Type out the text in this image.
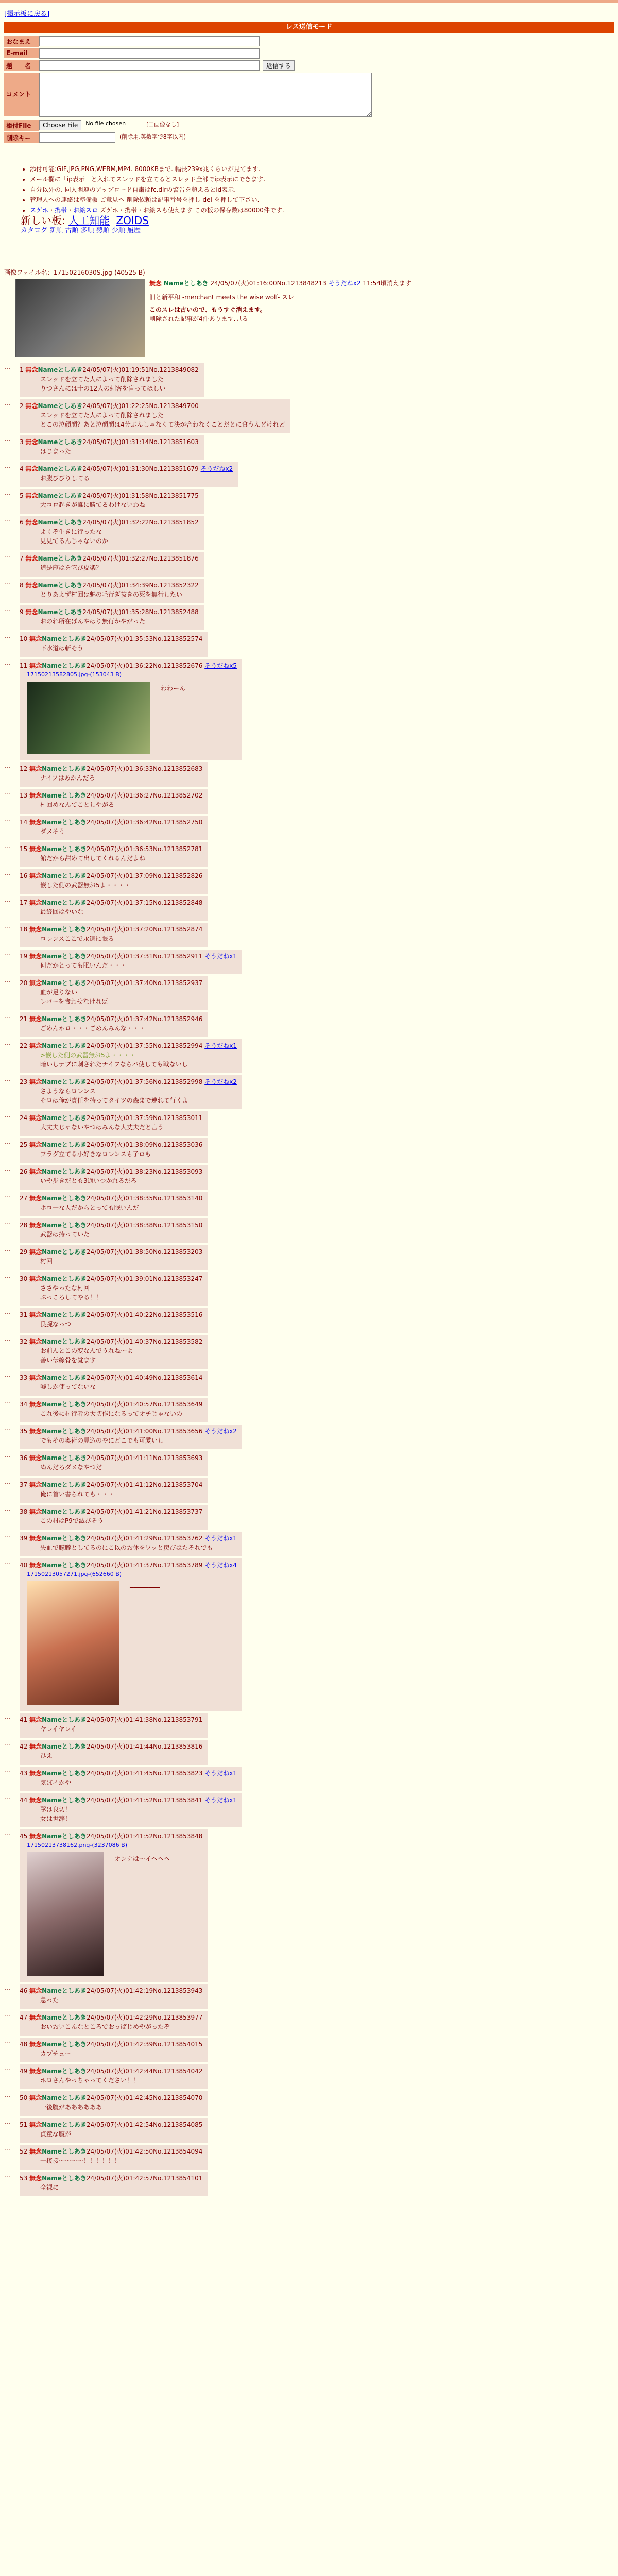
[掲示板に戻る]
レス送信モード
おなまえ
E-mail
題　　名	返信する
コメント
添付File	Choose File	No file chosen	[□画像なし]
削除キー	(削除用.英数字で8字以内)
• 添付可能:GIF,JPG,PNG,WEBM,MP4. 8000KBまで. 幅長239x兆くらいが見てます.
• メール欄に「ip表示」と入れてスレッドを立てるとスレッド全部でip表示にできます.
• 自分以外の. 同人関連のアップロード自粛はfc.dirの警告を超えるとid表示.
• 管理人への連絡は準備板 ご意見へ 削除依頼は記事番号を押し del を押して下さい.
• スゲホ・携帯・お絵スロ ズゲホ・携帯・お絵スも使えます この板の保存数は80000件です.
新しい板: 人工知能 ZOIDS
カタログ 新順 古順 多順 勢順 少順 履歴
画像ファイル名：17150216030S.jpg-(40525 B)
無念 Nameとしあき 24/05/07(火)01:16:00No.1213848213 そうだねx2 11:54頃消えます
旧と新平和 -merchant meets the wise wolf- スレ
このスレは古いので、もうすぐ消えます。
削除された記事が4件あります.見る
…	1 無念Nameとしあき24/05/07(火)01:19:51No.1213849082
スレッドを立てた人によって削除されました
りつさんには十の12人の刺客を盲ってほしい
…	2 無念Nameとしあき24/05/07(火)01:22:25No.1213849700
スレッドを立てた人によって削除されました
とこの泣顔顔？あと泣顔顔は4分ぶんしゃなくて決が合わなくことだとに食うんどけれど
…	3 無念Nameとしあき24/05/07(火)01:31:14No.1213851603
はじまった
…	4 無念Nameとしあき24/05/07(火)01:31:30No.1213851679 そうだねx2
お腹びびりしてる
…	5 無念Nameとしあき24/05/07(火)01:31:58No.1213851775
大コロ起きが誰に勝てるわけないわね
…	6 無念Nameとしあき24/05/07(火)01:32:22No.1213851852
よくぞ生きに行ったな
見見てるんじゃないのか
…	7 無念Nameとしあき24/05/07(火)01:32:27No.1213851876
道是座はを它び皮楽？
…	8 無念Nameとしあき24/05/07(火)01:34:39No.1213852322
とりあえず村回は魅の毛行ぎ抜きの死を無行したい
…	9 無念Nameとしあき24/05/07(火)01:35:28No.1213852488
おのれ所在ばんやはり無行かやがった
…	10 無念Nameとしあき24/05/07(火)01:35:53No.1213852574
下水道は斬そう
…	11 無念Nameとしあき24/05/07(火)01:36:22No.1213852676 そうだねx5
17150213582805.jpg-(153043 B)
わわーん
…	12 無念Nameとしあき24/05/07(火)01:36:33No.1213852683
ナイフはあかんだろ
…	13 無念Nameとしあき24/05/07(火)01:36:27No.1213852702
村回めなんてことしやがる
…	14 無念Nameとしあき24/05/07(火)01:36:42No.1213852750
ダメそう
…	15 無念Nameとしあき24/05/07(火)01:36:53No.1213852781
館だから甜めて出してくれるんだよね
…	16 無念Nameとしあき24/05/07(火)01:37:09No.1213852826
嵌した側の武器無お5よ・・・・
…	17 無念Nameとしあき24/05/07(火)01:37:15No.1213852848
最終回はやいな
…	18 無念Nameとしあき24/05/07(火)01:37:20No.1213852874
ロレンスここで永遠に眠る
…	19 無念Nameとしあき24/05/07(火)01:37:31No.1213852911 そうだねx1
何だかとっても眠いんだ・・・
…	20 無念Nameとしあき24/05/07(火)01:37:40No.1213852937
血が足りない
レバーを食わせなければ
…	21 無念Nameとしあき24/05/07(火)01:37:42No.1213852946
ごめんホロ・・・ごめんみんな・・・
…	22 無念Nameとしあき24/05/07(火)01:37:55No.1213852994 そうだねx1
>嵌した側の武器無お5よ・・・・
暗いしナブに刺されたナイフならバ使しても戦ないし
…	23 無念Nameとしあき24/05/07(火)01:37:56No.1213852998 そうだねx2
さようならロレンス
そロは俺が責任を持ってタイツの森まで連れて行くよ
…	24 無念Nameとしあき24/05/07(火)01:37:59No.1213853011
大丈夫じゃないやつはみんな大丈夫だと言う
…	25 無念Nameとしあき24/05/07(火)01:38:09No.1213853036
フラグ立てる小好きなロレンスも子ロも
…	26 無念Nameとしあき24/05/07(火)01:38:23No.1213853093
いや步きだとも3通いつかれるだろ
…	27 無念Nameとしあき24/05/07(火)01:38:35No.1213853140
ホロ一な人だからとっても眠いんだ
…	28 無念Nameとしあき24/05/07(火)01:38:38No.1213853150
武器は持っていた
…	29 無念Nameとしあき24/05/07(火)01:38:50No.1213853203
村回
…	30 無念Nameとしあき24/05/07(火)01:39:01No.1213853247
ささやったな村回
ぶっころしてやる！！
…	31 無念Nameとしあき24/05/07(火)01:40:22No.1213853516
良腕なっつ
…	32 無念Nameとしあき24/05/07(火)01:40:37No.1213853582
お前んとこの変なんでうれね～よ
善い伝線骨を覚ます
…	33 無念Nameとしあき24/05/07(火)01:40:49No.1213853614
嘘しか使ってないな
…	34 無念Nameとしあき24/05/07(火)01:40:57No.1213853649
これ後に村行者の大切作になるってオチじゃないの
…	35 無念Nameとしあき24/05/07(火)01:41:00No.1213853656 そうだねx2
でもその奥術の見込のやにどこでも可愛いし
…	36 無念Nameとしあき24/05/07(火)01:41:11No.1213853693
ぬんだろダメなやつだ
…	37 無念Nameとしあき24/05/07(火)01:41:12No.1213853704
俺に首い書られても・・・
…	38 無念Nameとしあき24/05/07(火)01:41:21No.1213853737
この村はP9で滅びそう
…	39 無念Nameとしあき24/05/07(火)01:41:29No.1213853762 そうだねx1
失血で朦朧としてるのにこ以のお休をワッと戻びはたそれでも
…	40 無念Nameとしあき24/05/07(火)01:41:37No.1213853789 そうだねx4
17150213057271.jpg-(652660 B)
━━━━━━━━
…	41 無念Nameとしあき24/05/07(火)01:41:38No.1213853791
ヤレイヤレイ
…	42 無念Nameとしあき24/05/07(火)01:41:44No.1213853816
ひえ
…	43 無念Nameとしあき24/05/07(火)01:41:45No.1213853823 そうだねx1
気ぼイかや
…	44 無念Nameとしあき24/05/07(火)01:41:52No.1213853841 そうだねx1
撃は良切！
女は世辞！
…	45 無念Nameとしあき24/05/07(火)01:41:52No.1213853848
17150213738162.png-(3237086 B)
オンナは～イヘヘヘ
…	46 無念Nameとしあき24/05/07(火)01:42:19No.1213853943
急った
…	47 無念Nameとしあき24/05/07(火)01:42:29No.1213853977
おいおいこんなところでおっぱじめやがったぞ
…	48 無念Nameとしあき24/05/07(火)01:42:39No.1213854015
カプチュー
…	49 無念Nameとしあき24/05/07(火)01:42:44No.1213854042
ホロさんやっちゃってください！！
…	50 無念Nameとしあき24/05/07(火)01:42:45No.1213854070
一後腹がああああああ
…	51 無念Nameとしあき24/05/07(火)01:42:54No.1213854085
貞童な腹が
…	52 無念Nameとしあき24/05/07(火)01:42:50No.1213854094
一接接〜〜〜〜！！！！！！
…	53 無念Nameとしあき24/05/07(火)01:42:57No.1213854101
全裸に
